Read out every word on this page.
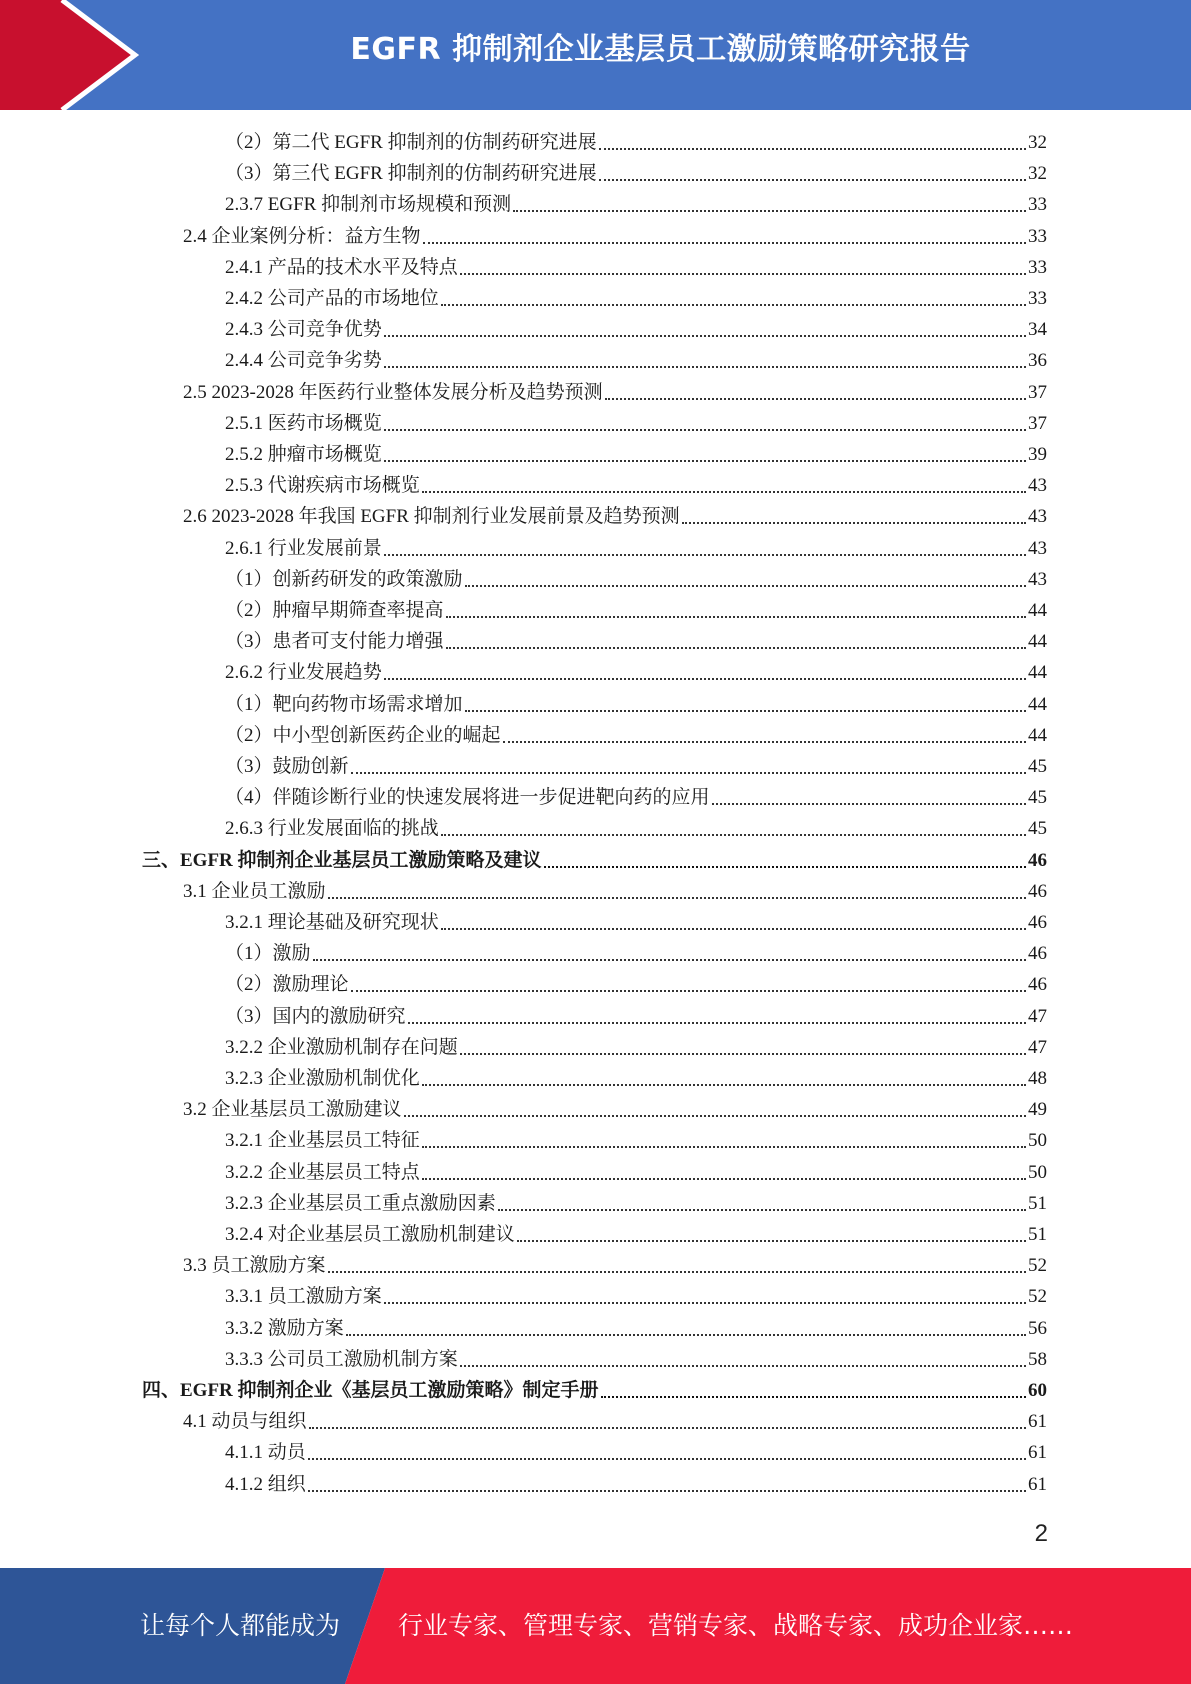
EGFR 抑制剂企业基层员工激励策略研究报告
（2）第二代 EGFR 抑制剂的仿制药研究进展	32
（3）第三代 EGFR 抑制剂的仿制药研究进展	32
2.3.7 EGFR 抑制剂市场规模和预测	33
2.4 企业案例分析：益方生物	33
2.4.1 产品的技术水平及特点	33
2.4.2 公司产品的市场地位	33
2.4.3 公司竞争优势	34
2.4.4 公司竞争劣势	36
2.5 2023-2028 年医药行业整体发展分析及趋势预测	37
2.5.1 医药市场概览	37
2.5.2 肿瘤市场概览	39
2.5.3 代谢疾病市场概览	43
2.6 2023-2028 年我国 EGFR 抑制剂行业发展前景及趋势预测	43
2.6.1 行业发展前景	43
（1）创新药研发的政策激励	43
（2）肿瘤早期筛查率提高	44
（3）患者可支付能力增强	44
2.6.2 行业发展趋势	44
（1）靶向药物市场需求增加	44
（2）中小型创新医药企业的崛起	44
（3）鼓励创新	45
（4）伴随诊断行业的快速发展将进一步促进靶向药的应用	45
2.6.3 行业发展面临的挑战	45
三、EGFR 抑制剂企业基层员工激励策略及建议	46
3.1 企业员工激励	46
3.2.1 理论基础及研究现状	46
（1）激励	46
（2）激励理论	46
（3）国内的激励研究	47
3.2.2 企业激励机制存在问题	47
3.2.3 企业激励机制优化	48
3.2 企业基层员工激励建议	49
3.2.1 企业基层员工特征	50
3.2.2 企业基层员工特点	50
3.2.3 企业基层员工重点激励因素	51
3.2.4 对企业基层员工激励机制建议	51
3.3 员工激励方案	52
3.3.1 员工激励方案	52
3.3.2 激励方案	56
3.3.3 公司员工激励机制方案	58
四、EGFR 抑制剂企业《基层员工激励策略》制定手册	60
4.1 动员与组织	61
4.1.1 动员	61
4.1.2 组织	61
2
让每个人都能成为 行业专家、管理专家、营销专家、战略专家、成功企业家……
